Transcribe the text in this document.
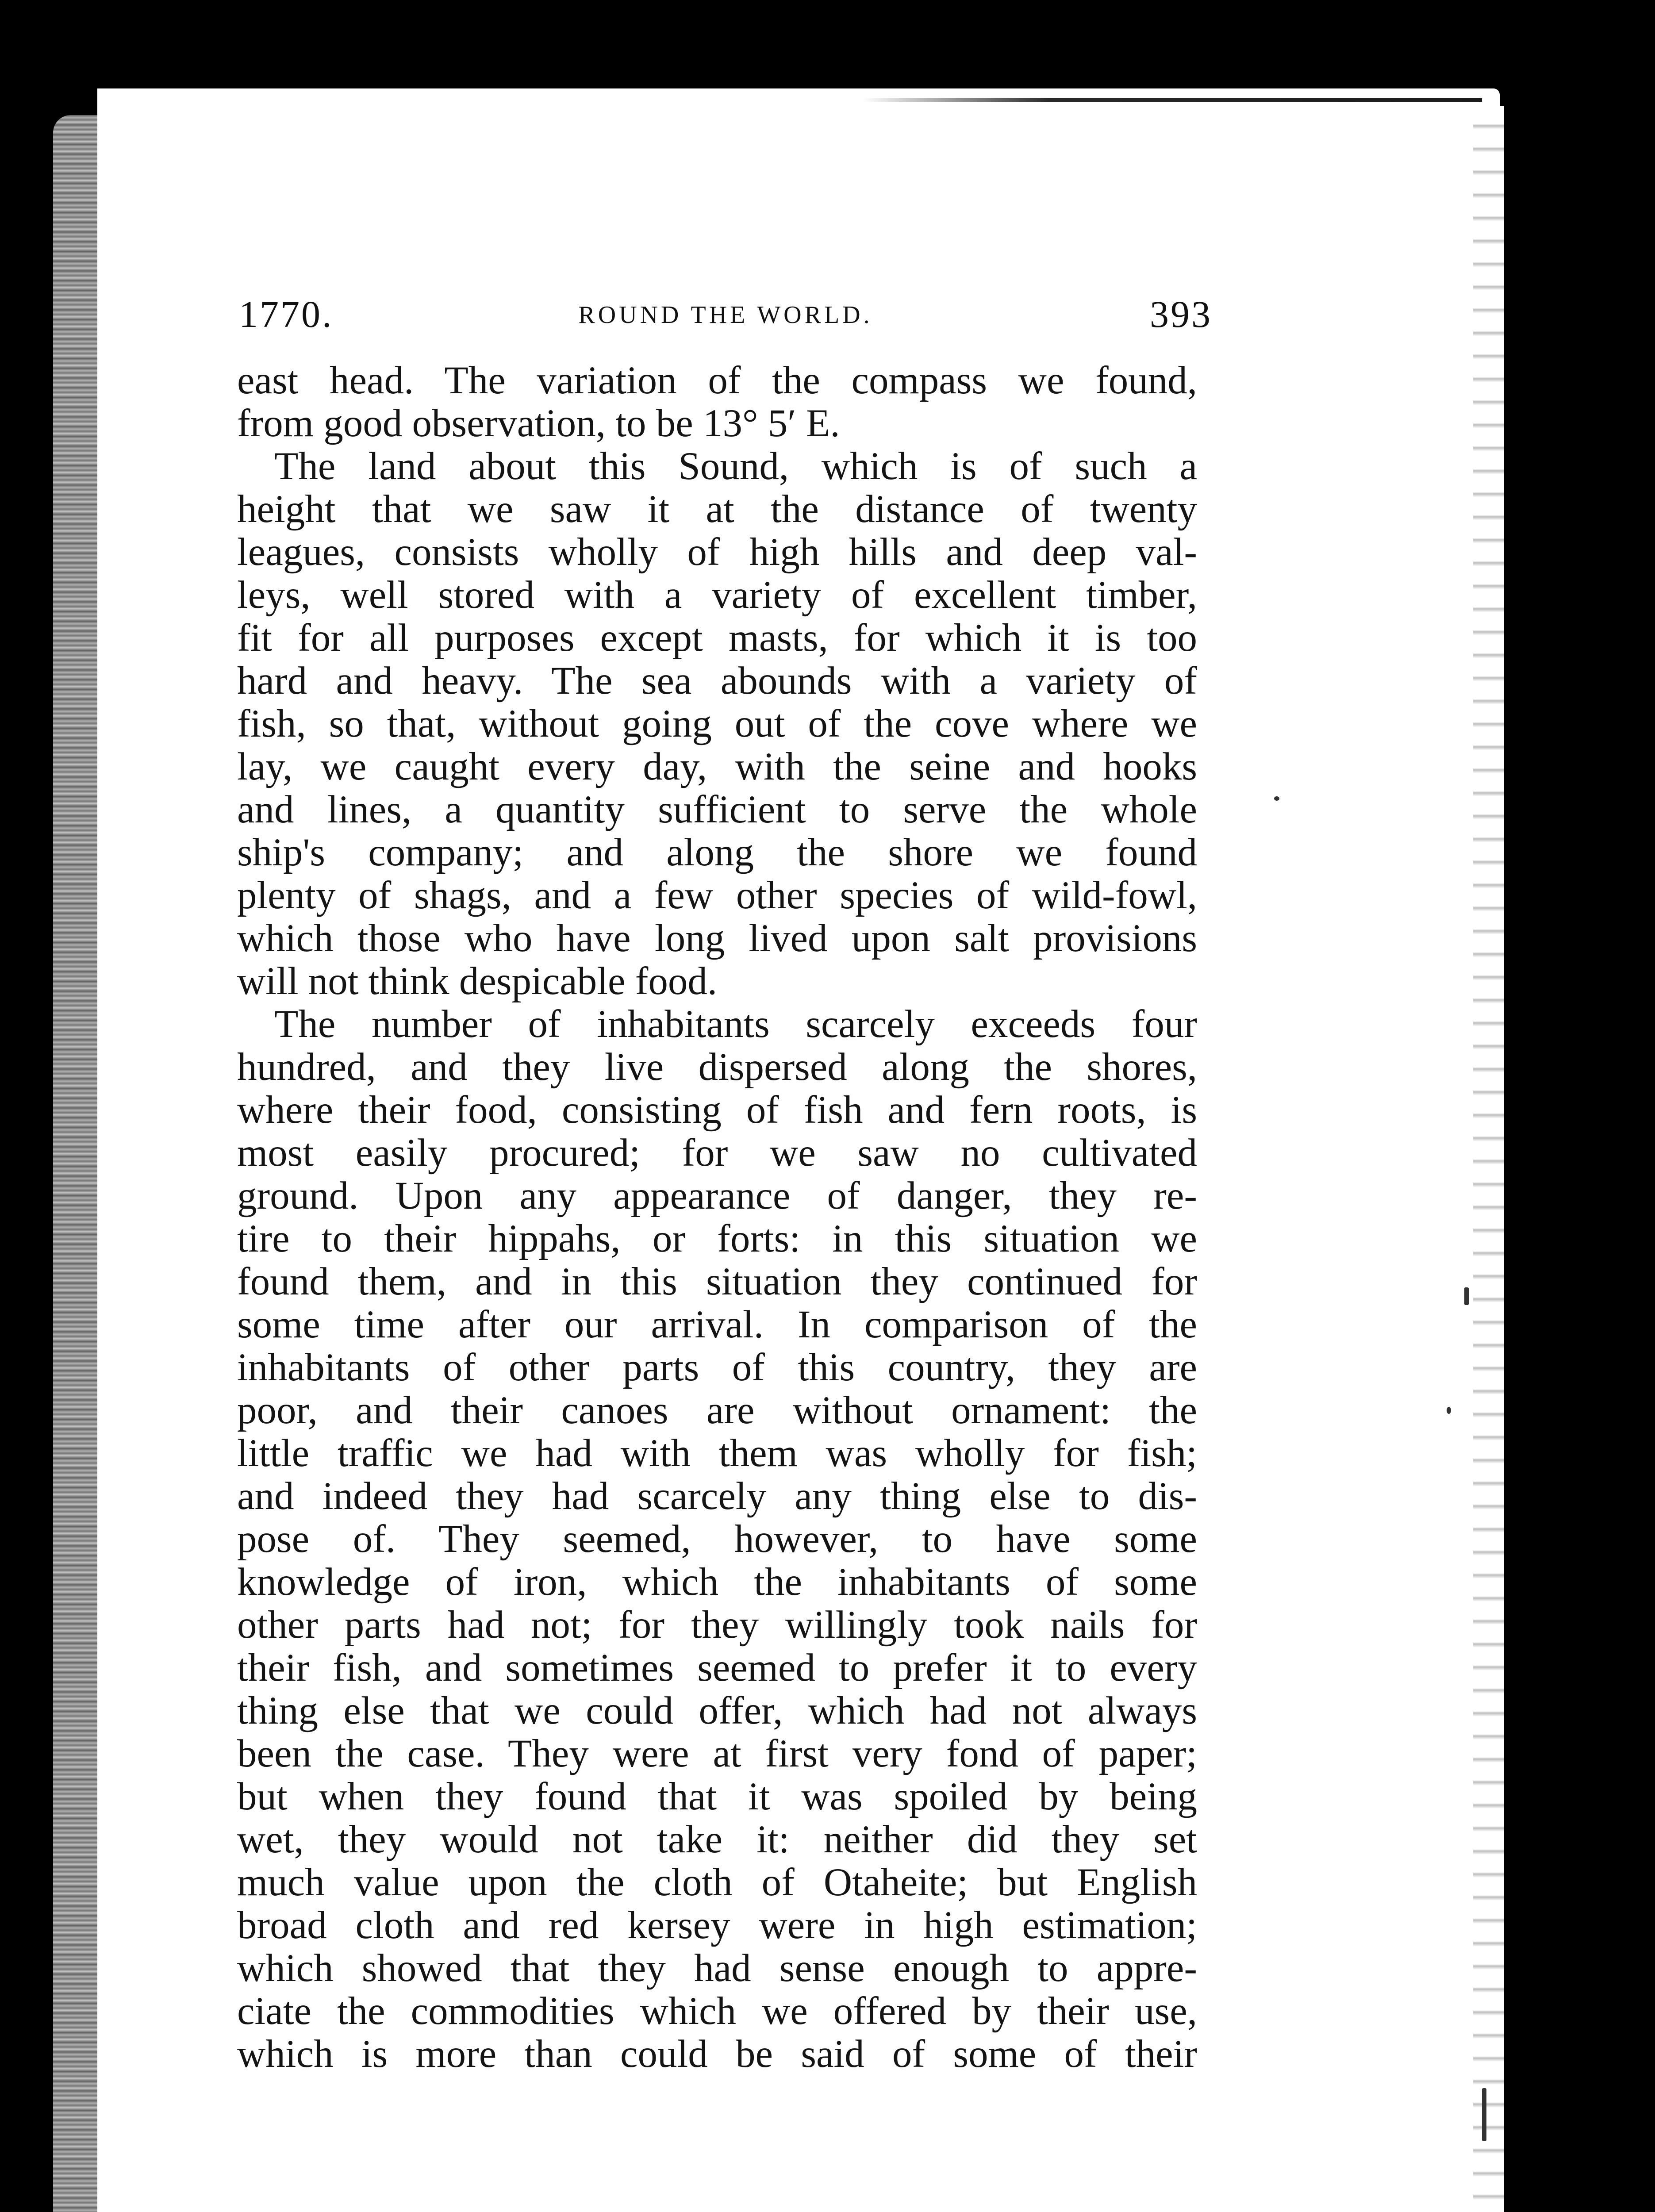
1770.	ROUND THE WORLD.	393
east head. The variation of the compass we found,
from good observation, to be 13° 5′ E.
The land about this Sound, which is of such a
height that we saw it at the distance of twenty
leagues, consists wholly of high hills and deep val-
leys, well stored with a variety of excellent timber,
fit for all purposes except masts, for which it is too
hard and heavy. The sea abounds with a variety of
fish, so that, without going out of the cove where we
lay, we caught every day, with the seine and hooks
and lines, a quantity sufficient to serve the whole
ship's company; and along the shore we found
plenty of shags, and a few other species of wild-fowl,
which those who have long lived upon salt provisions
will not think despicable food.
The number of inhabitants scarcely exceeds four
hundred, and they live dispersed along the shores,
where their food, consisting of fish and fern roots, is
most easily procured; for we saw no cultivated
ground. Upon any appearance of danger, they re-
tire to their hippahs, or forts: in this situation we
found them, and in this situation they continued for
some time after our arrival. In comparison of the
inhabitants of other parts of this country, they are
poor, and their canoes are without ornament: the
little traffic we had with them was wholly for fish;
and indeed they had scarcely any thing else to dis-
pose of. They seemed, however, to have some
knowledge of iron, which the inhabitants of some
other parts had not; for they willingly took nails for
their fish, and sometimes seemed to prefer it to every
thing else that we could offer, which had not always
been the case. They were at first very fond of paper;
but when they found that it was spoiled by being
wet, they would not take it: neither did they set
much value upon the cloth of Otaheite; but English
broad cloth and red kersey were in high estimation;
which showed that they had sense enough to appre-
ciate the commodities which we offered by their use,
which is more than could be said of some of their
